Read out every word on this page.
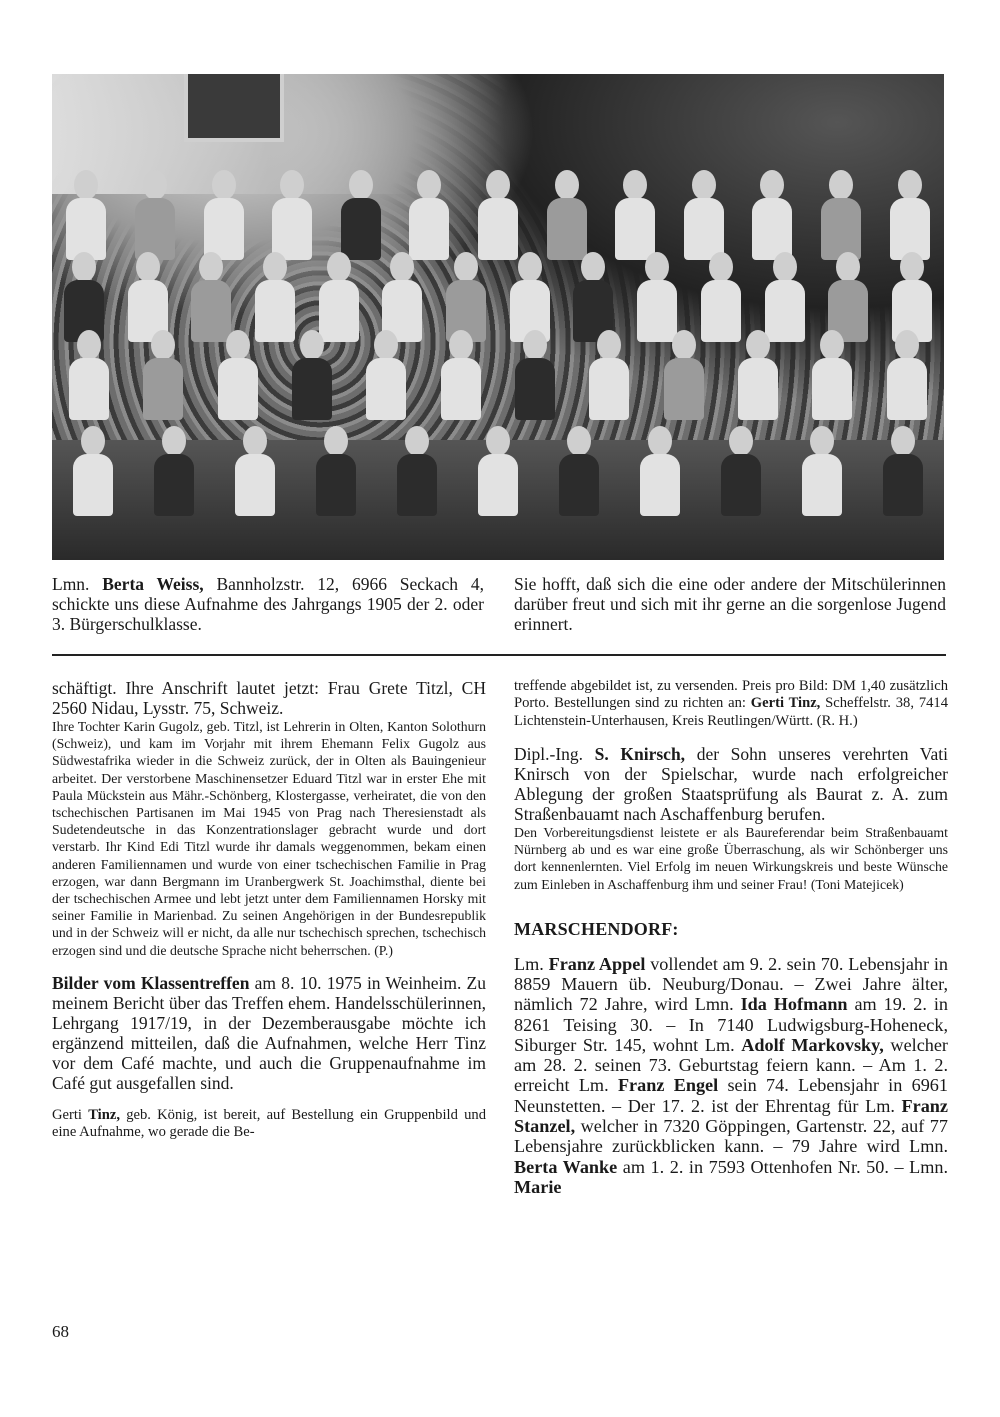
Lmn. Berta Weiss, Bannholzstr. 12, 6966 Seckach 4, schickte uns diese Aufnahme des Jahrgangs 1905 der 2. oder 3. Bürgerschulklasse.
Sie hofft, daß sich die eine oder andere der Mitschülerinnen darüber freut und sich mit ihr gerne an die sorgenlose Jugend erinnert.

schäftigt. Ihre Anschrift lautet jetzt: Frau Grete Titzl, CH 2560 Nidau, Lysstr. 75, Schweiz.

Ihre Tochter Karin Gugolz, geb. Titzl, ist Lehrerin in Olten, Kanton Solothurn (Schweiz), und kam im Vorjahr mit ihrem Ehemann Felix Gugolz aus Südwestafrika wieder in die Schweiz zurück, der in Olten als Bauingenieur arbeitet. Der verstorbene Maschinensetzer Eduard Titzl war in erster Ehe mit Paula Mückstein aus Mähr.-Schönberg, Klostergasse, verheiratet, die von den tschechischen Partisanen im Mai 1945 von Prag nach Theresienstadt als Sudetendeutsche in das Konzentrationslager gebracht wurde und dort verstarb. Ihr Kind Edi Titzl wurde ihr damals weggenommen, bekam einen anderen Familiennamen und wurde von einer tschechischen Familie in Prag erzogen, war dann Bergmann im Uranbergwerk St. Joachimsthal, diente bei der tschechischen Armee und lebt jetzt unter dem Familiennamen Horsky mit seiner Familie in Marienbad. Zu seinen Angehörigen in der Bundesrepublik und in der Schweiz will er nicht, da alle nur tschechisch sprechen, tschechisch erzogen sind und die deutsche Sprache nicht beherrschen. (P.)

Bilder vom Klassentreffen am 8. 10. 1975 in Weinheim. Zu meinem Bericht über das Treffen ehem. Handelsschülerinnen, Lehrgang 1917/19, in der Dezemberausgabe möchte ich ergänzend mitteilen, daß die Aufnahmen, welche Herr Tinz vor dem Café machte, und auch die Gruppenaufnahme im Café gut ausgefallen sind.

Gerti Tinz, geb. König, ist bereit, auf Bestellung ein Gruppenbild und eine Aufnahme, wo gerade die Be-

treffende abgebildet ist, zu versenden. Preis pro Bild: DM 1,40 zusätzlich Porto. Bestellungen sind zu richten an: Gerti Tinz, Scheffelstr. 38, 7414 Lichtenstein-Unterhausen, Kreis Reutlingen/Württ. (R. H.)

Dipl.-Ing. S. Knirsch, der Sohn unseres verehrten Vati Knirsch von der Spielschar, wurde nach erfolgreicher Ablegung der großen Staatsprüfung als Baurat z. A. zum Straßenbauamt nach Aschaffenburg berufen.

Den Vorbereitungsdienst leistete er als Baureferendar beim Straßenbauamt Nürnberg ab und es war eine große Überraschung, als wir Schönberger uns dort kennenlernten. Viel Erfolg im neuen Wirkungskreis und beste Wünsche zum Einleben in Aschaffenburg ihm und seiner Frau! (Toni Matejicek)

MARSCHENDORF:

Lm. Franz Appel vollendet am 9. 2. sein 70. Lebensjahr in 8859 Mauern üb. Neuburg/Donau. – Zwei Jahre älter, nämlich 72 Jahre, wird Lmn. Ida Hofmann am 19. 2. in 8261 Teising 30. – In 7140 Ludwigsburg-Hoheneck, Siburger Str. 145, wohnt Lm. Adolf Markovsky, welcher am 28. 2. seinen 73. Geburtstag feiern kann. – Am 1. 2. erreicht Lm. Franz Engel sein 74. Lebensjahr in 6961 Neunstetten. – Der 17. 2. ist der Ehrentag für Lm. Franz Stanzel, welcher in 7320 Göppingen, Gartenstr. 22, auf 77 Lebensjahre zurückblicken kann. – 79 Jahre wird Lmn. Berta Wanke am 1. 2. in 7593 Ottenhofen Nr. 50. – Lmn. Marie

68
